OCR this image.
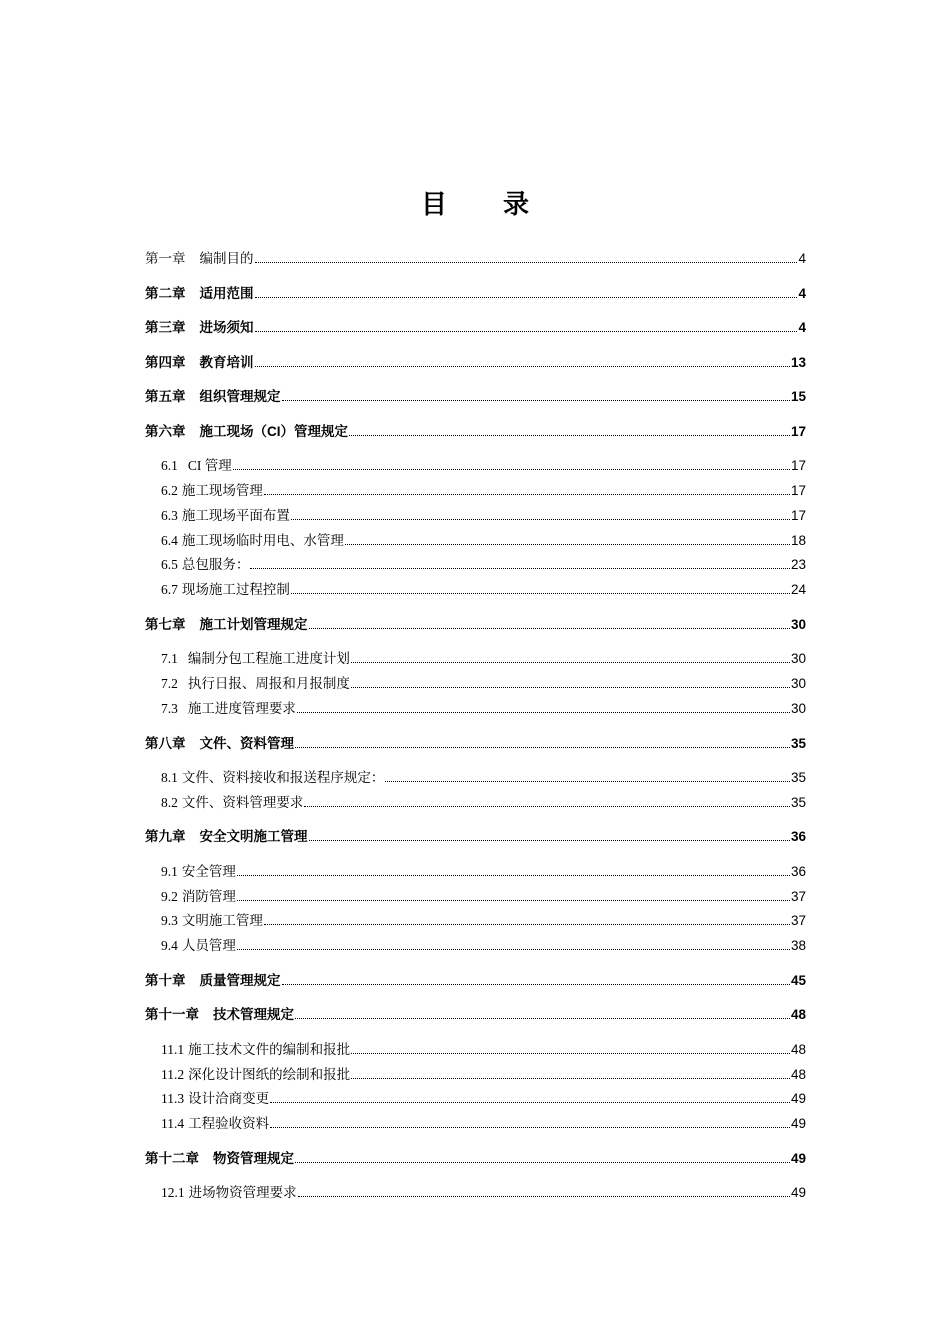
目 录
第一章 编制目的	4
第二章 适用范围	4
第三章 进场须知	4
第四章 教育培训	13
第五章 组织管理规定	15
第六章 施工现场（CI）管理规定	17
6.1 CI 管理	17
6.2 施工现场管理	17
6.3 施工现场平面布置	17
6.4 施工现场临时用电、水管理	18
6.5 总包服务：	23
6.7 现场施工过程控制	24
第七章 施工计划管理规定	30
7.1 编制分包工程施工进度计划	30
7.2 执行日报、周报和月报制度	30
7.3 施工进度管理要求	30
第八章 文件、资料管理	35
8.1 文件、资料接收和报送程序规定：	35
8.2 文件、资料管理要求	35
第九章 安全文明施工管理	36
9.1 安全管理	36
9.2 消防管理	37
9.3 文明施工管理	37
9.4 人员管理	38
第十章 质量管理规定	45
第十一章 技术管理规定	48
11.1 施工技术文件的编制和报批	48
11.2 深化设计图纸的绘制和报批	48
11.3 设计洽商变更	49
11.4 工程验收资料	49
第十二章 物资管理规定	49
12.1 进场物资管理要求	49
